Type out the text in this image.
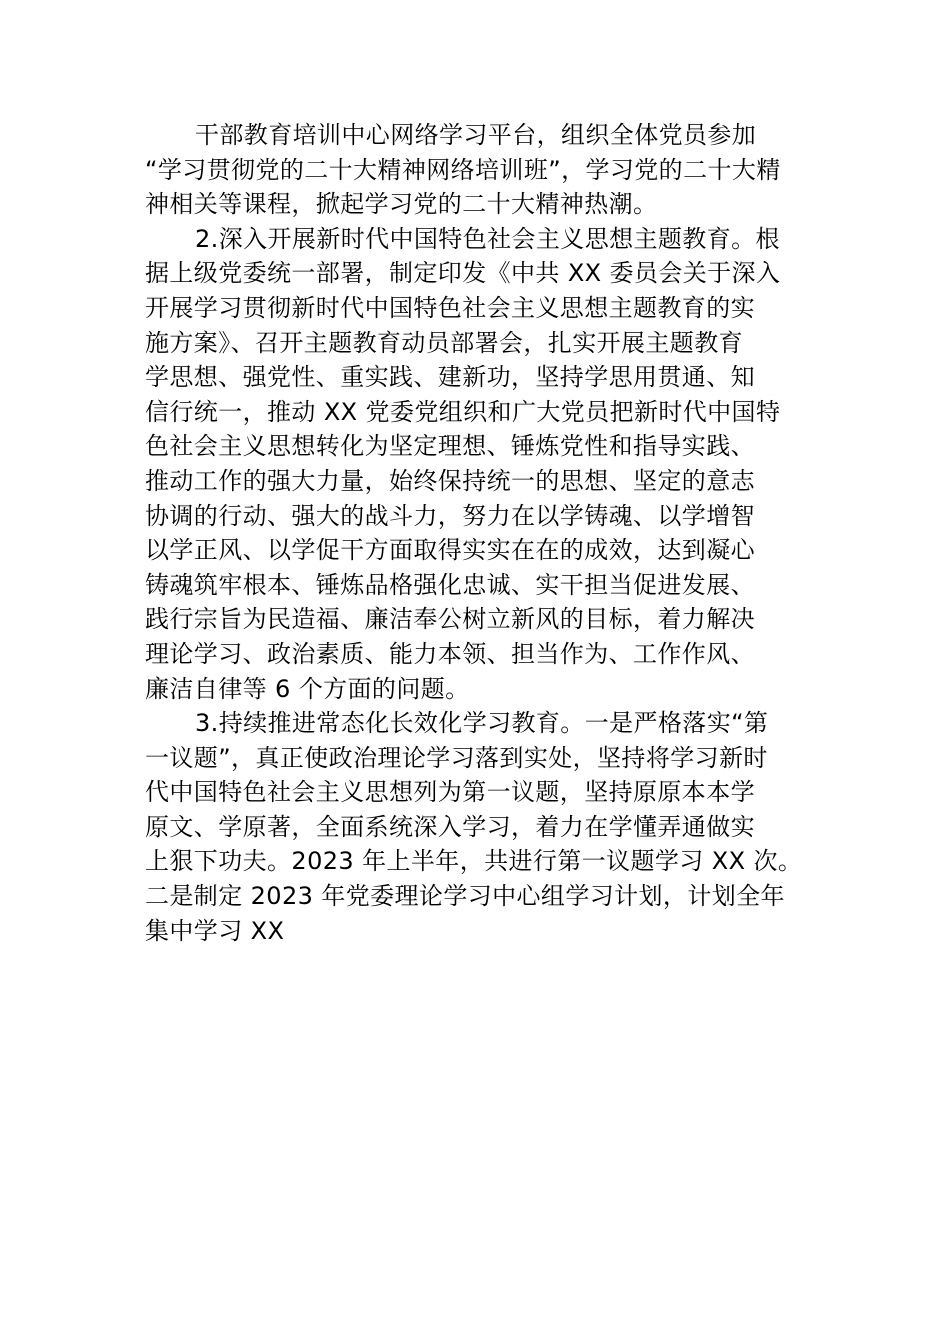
干部教育培训中心网络学习平台，组织全体党员参加
“学习贯彻党的二十大精神网络培训班”，学习党的二十大精
神相关等课程，掀起学习党的二十大精神热潮。
2.深入开展新时代中国特色社会主义思想主题教育。根
据上级党委统一部署，制定印发《中共 XX 委员会关于深入
开展学习贯彻新时代中国特色社会主义思想主题教育的实
施方案》、召开主题教育动员部署会，扎实开展主题教育
学思想、强党性、重实践、建新功，坚持学思用贯通、知
信行统一，推动 XX 党委党组织和广大党员把新时代中国特
色社会主义思想转化为坚定理想、锤炼党性和指导实践、
推动工作的强大力量，始终保持统一的思想、坚定的意志
协调的行动、强大的战斗力，努力在以学铸魂、以学增智
以学正风、以学促干方面取得实实在在的成效，达到凝心
铸魂筑牢根本、锤炼品格强化忠诚、实干担当促进发展、
践行宗旨为民造福、廉洁奉公树立新风的目标，着力解决
理论学习、政治素质、能力本领、担当作为、工作作风、
廉洁自律等 6 个方面的问题。
3.持续推进常态化长效化学习教育。一是严格落实“第
一议题”，真正使政治理论学习落到实处，坚持将学习新时
代中国特色社会主义思想列为第一议题，坚持原原本本学
原文、学原著，全面系统深入学习，着力在学懂弄通做实
上狠下功夫。2023 年上半年，共进行第一议题学习 XX 次。
二是制定 2023 年党委理论学习中心组学习计划，计划全年
集中学习 XX
